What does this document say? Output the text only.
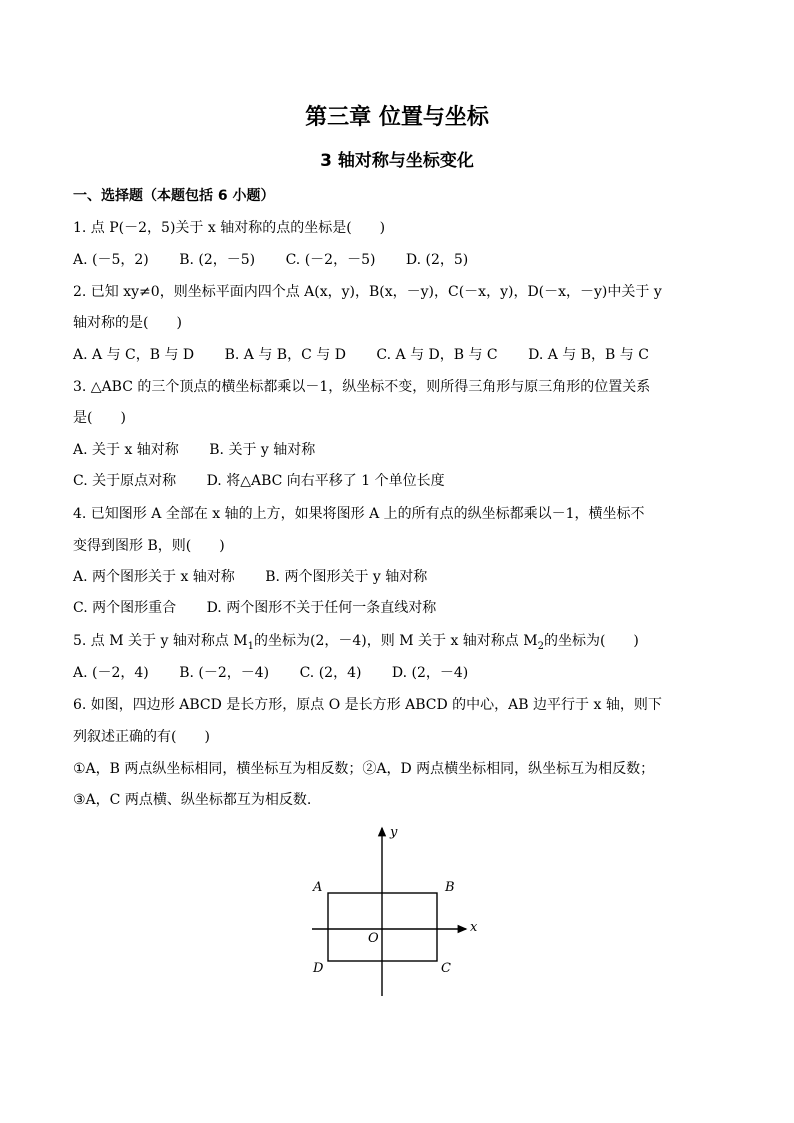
第三章 位置与坐标
3 轴对称与坐标变化
一、选择题（本题包括 6 小题）
1. 点 P(－2，5)关于 x 轴对称的点的坐标是(　　)
A. (－5，2) B. (2，－5) C. (－2，－5) D. (2，5)
2. 已知 xy≠0，则坐标平面内四个点 A(x，y)，B(x，－y)，C(－x，y)，D(－x，－y)中关于 y
轴对称的是(　　)
A. A 与 C，B 与 D B. A 与 B，C 与 D C. A 与 D，B 与 C D. A 与 B，B 与 C
3. △ABC 的三个顶点的横坐标都乘以－1，纵坐标不变，则所得三角形与原三角形的位置关系
是(　　)
A. 关于 x 轴对称 B. 关于 y 轴对称
C. 关于原点对称 D. 将△ABC 向右平移了 1 个单位长度
4. 已知图形 A 全部在 x 轴的上方，如果将图形 A 上的所有点的纵坐标都乘以－1，横坐标不
变得到图形 B，则(　　)
A. 两个图形关于 x 轴对称 B. 两个图形关于 y 轴对称
C. 两个图形重合 D. 两个图形不关于任何一条直线对称
5. 点 M 关于 y 轴对称点 $M_1$的坐标为(2，－4)，则 M 关于 x 轴对称点 $M_2$的坐标为(　　)
A. (－2，4) B. (－2，－4) C. (2，4) D. (2，－4)
6. 如图，四边形 ABCD 是长方形，原点 O 是长方形 ABCD 的中心，AB 边平行于 x 轴，则下
列叙述正确的有(　　)
①A，B 两点纵坐标相同，横坐标互为相反数；②A，D 两点横坐标相同，纵坐标互为相反数；
③A，C 两点横、纵坐标都互为相反数.
A	B
C
D
O
x
y
